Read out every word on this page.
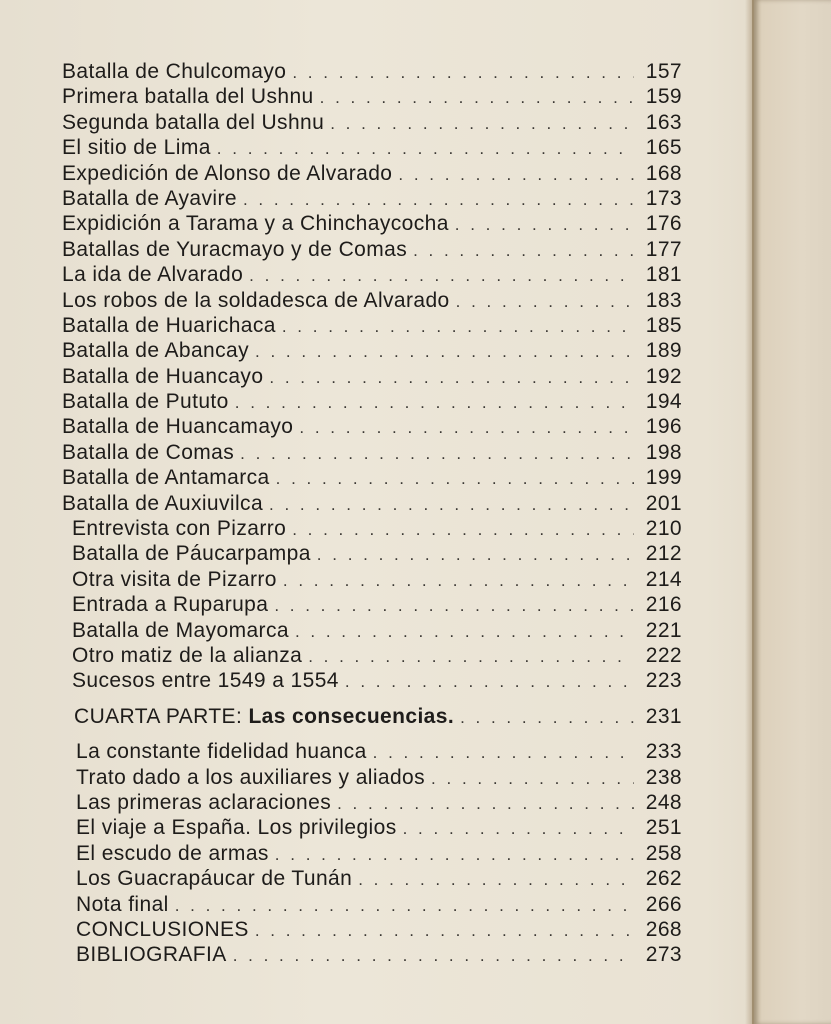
Batalla de Chulcomayo . . .	157
Primera batalla del Ushnu . . .	159
Segunda batalla del Ushnu . . .	163
El sitio de Lima . . .	165
Expedición de Alonso de Alvarado . . .	168
Batalla de Ayavire . . .	173
Expidición a Tarama y a Chinchaycocha . . .	176
Batallas de Yuracmayo y de Comas . . .	177
La ida de Alvarado . . .	181
Los robos de la soldadesca de Alvarado . . .	183
Batalla de Huarichaca . . .	185
Batalla de Abancay . . .	189
Batalla de Huancayo . . .	192
Batalla de Pututo . . .	194
Batalla de Huancamayo . . .	196
Batalla de Comas . . .	198
Batalla de Antamarca . . .	199
Batalla de Auxiuvilca . . .	201
Entrevista con Pizarro . . .	210
Batalla de Páucarpampa . . .	212
Otra visita de Pizarro . . .	214
Entrada a Ruparupa . . .	216
Batalla de Mayomarca . . .	221
Otro matiz de la alianza . . .	222
Sucesos entre 1549 a 1554 . . .	223
CUARTA PARTE: Las consecuencias. . . .	231
La constante fidelidad huanca . . .	233
Trato dado a los auxiliares y aliados . . .	238
Las primeras aclaraciones . . .	248
El viaje a España. Los privilegios . . .	251
El escudo de armas . . .	258
Los Guacrapáucar de Tunán . . .	262
Nota final . . .	266
CONCLUSIONES . . .	268
BIBLIOGRAFIA . . .	273
